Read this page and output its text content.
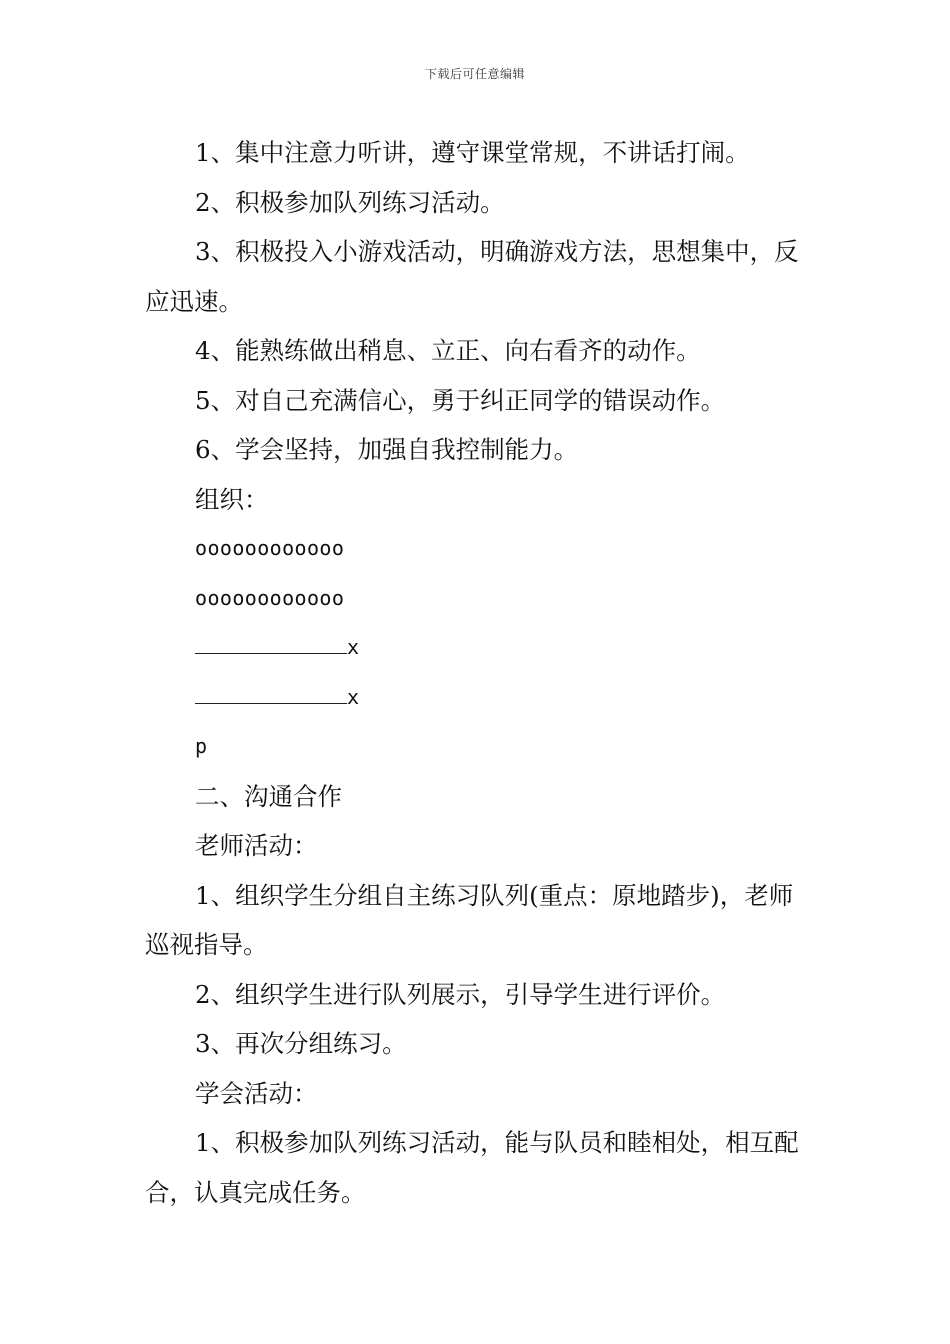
下载后可任意编辑

1、集中注意力听讲，遵守课堂常规，不讲话打闹。

2、积极参加队列练习活动。

3、积极投入小游戏活动，明确游戏方法，思想集中，反应迅速。

4、能熟练做出稍息、立正、向右看齐的动作。

5、对自己充满信心，勇于纠正同学的错误动作。

6、学会坚持，加强自我控制能力。

组织：

oooooooooooo

oooooooooooo

x

x

p

二、沟通合作

老师活动：

1、组织学生分组自主练习队列(重点：原地踏步)，老师巡视指导。

2、组织学生进行队列展示，引导学生进行评价。

3、再次分组练习。

学会活动：

1、积极参加队列练习活动，能与队员和睦相处，相互配合，认真完成任务。
